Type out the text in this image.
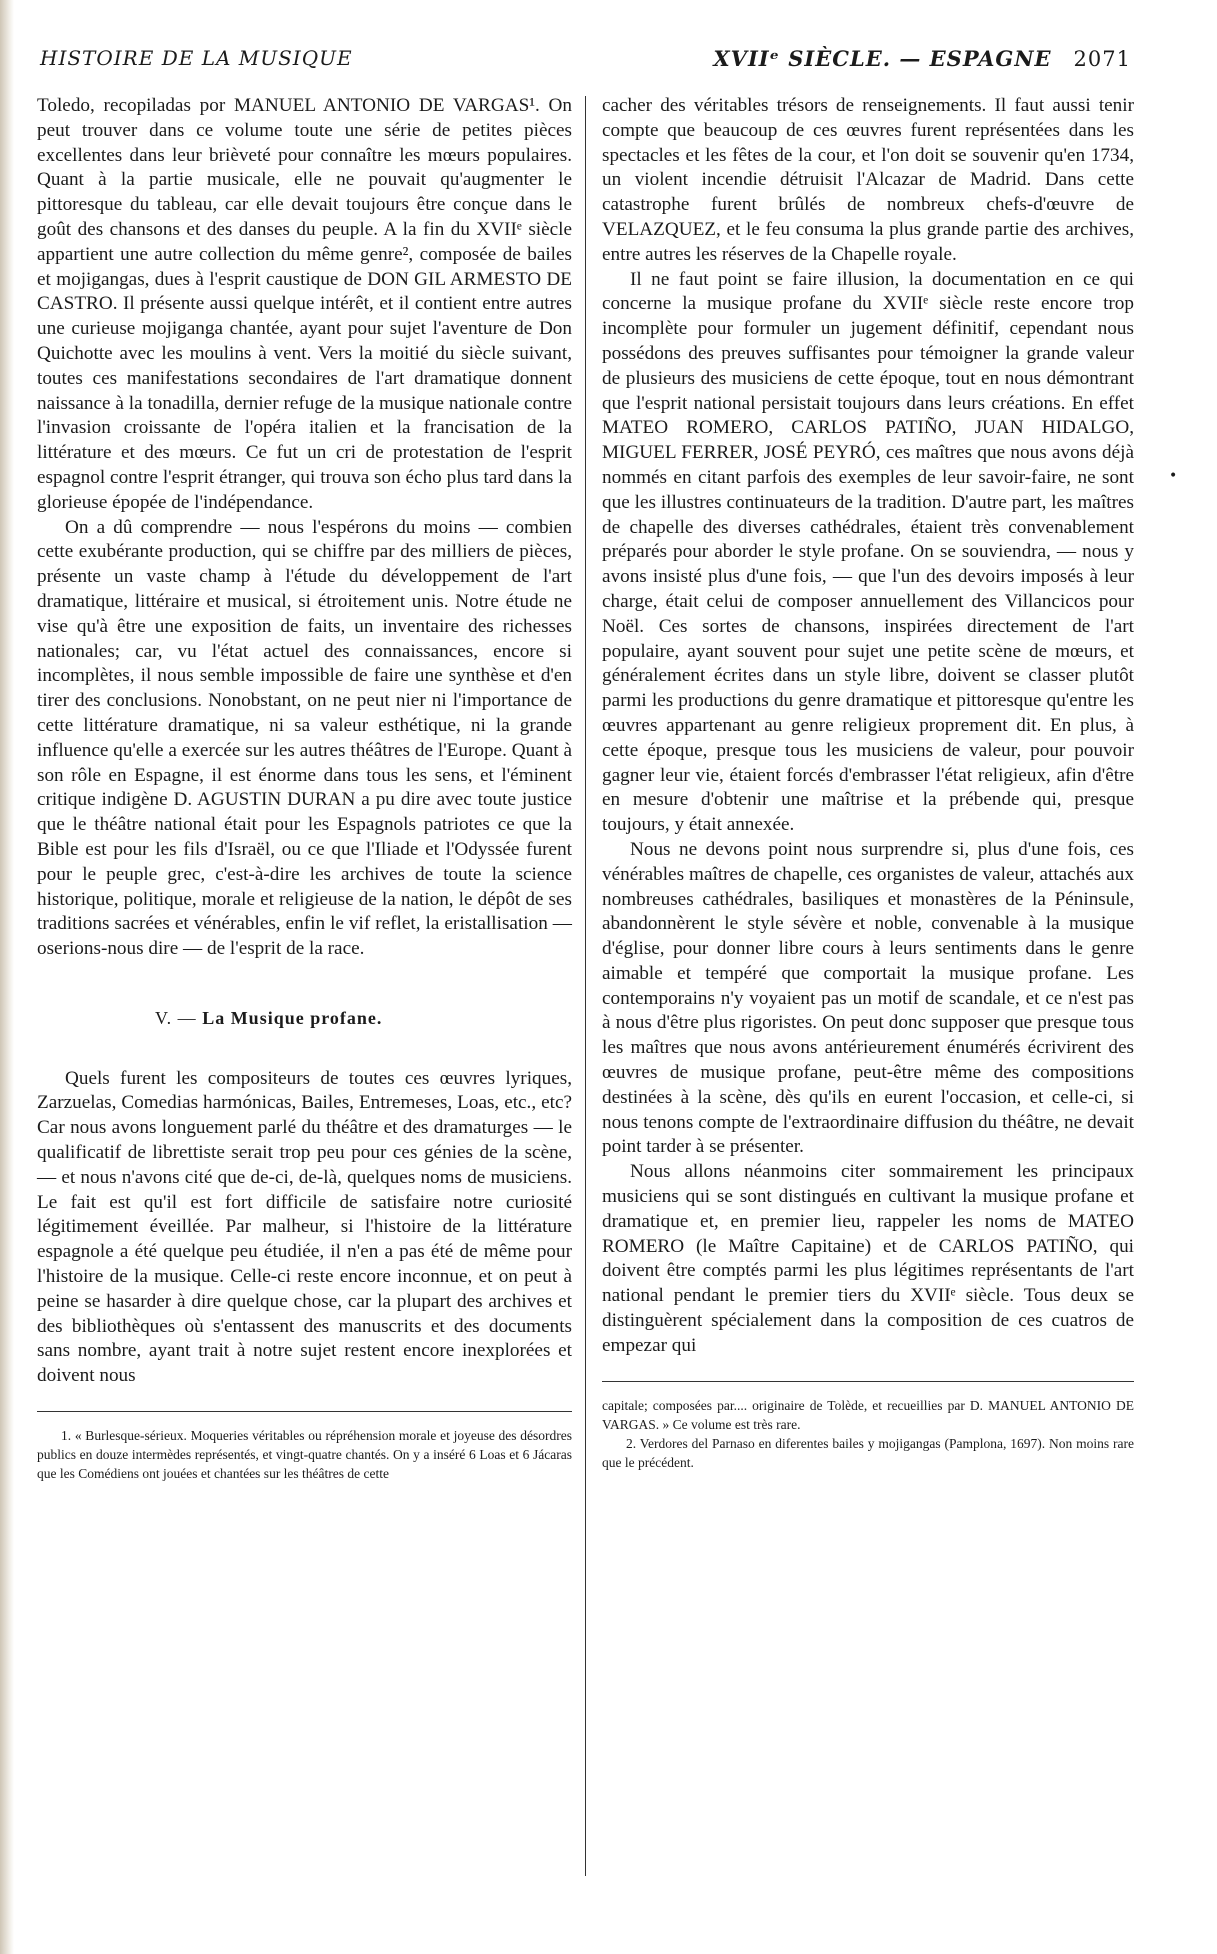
HISTOIRE DE LA MUSIQUE	XVIIᵉ SIÈCLE. — ESPAGNE 2071

Toledo, recopiladas por MANUEL ANTONIO DE VARGAS¹. On peut trouver dans ce volume toute une série de petites pièces excellentes dans leur brièveté pour connaître les mœurs populaires. Quant à la partie musicale, elle ne pouvait qu'augmenter le pittoresque du tableau, car elle devait toujours être conçue dans le goût des chansons et des danses du peuple. A la fin du XVIIᵉ siècle appartient une autre collection du même genre², composée de bailes et mojigangas, dues à l'esprit caustique de DON GIL ARMESTO DE CASTRO. Il présente aussi quelque intérêt, et il contient entre autres une curieuse mojiganga chantée, ayant pour sujet l'aventure de Don Quichotte avec les moulins à vent. Vers la moitié du siècle suivant, toutes ces manifestations secondaires de l'art dramatique donnent naissance à la tonadilla, dernier refuge de la musique nationale contre l'invasion croissante de l'opéra italien et la francisation de la littérature et des mœurs. Ce fut un cri de protestation de l'esprit espagnol contre l'esprit étranger, qui trouva son écho plus tard dans la glorieuse épopée de l'indépendance.

On a dû comprendre — nous l'espérons du moins — combien cette exubérante production, qui se chiffre par des milliers de pièces, présente un vaste champ à l'étude du développement de l'art dramatique, littéraire et musical, si étroitement unis. Notre étude ne vise qu'à être une exposition de faits, un inventaire des richesses nationales; car, vu l'état actuel des connaissances, encore si incomplètes, il nous semble impossible de faire une synthèse et d'en tirer des conclusions. Nonobstant, on ne peut nier ni l'importance de cette littérature dramatique, ni sa valeur esthétique, ni la grande influence qu'elle a exercée sur les autres théâtres de l'Europe. Quant à son rôle en Espagne, il est énorme dans tous les sens, et l'éminent critique indigène D. AGUSTIN DURAN a pu dire avec toute justice que le théâtre national était pour les Espagnols patriotes ce que la Bible est pour les fils d'Israël, ou ce que l'Iliade et l'Odyssée furent pour le peuple grec, c'est-à-dire les archives de toute la science historique, politique, morale et religieuse de la nation, le dépôt de ses traditions sacrées et vénérables, enfin le vif reflet, la eristallisation — oserions-nous dire — de l'esprit de la race.

V. — La Musique profane.

Quels furent les compositeurs de toutes ces œuvres lyriques, Zarzuelas, Comedias harmónicas, Bailes, Entremeses, Loas, etc., etc? Car nous avons longuement parlé du théâtre et des dramaturges — le qualificatif de librettiste serait trop peu pour ces génies de la scène, — et nous n'avons cité que de-ci, de-là, quelques noms de musiciens. Le fait est qu'il est fort difficile de satisfaire notre curiosité légitimement éveillée. Par malheur, si l'histoire de la littérature espagnole a été quelque peu étudiée, il n'en a pas été de même pour l'histoire de la musique. Celle-ci reste encore inconnue, et on peut à peine se hasarder à dire quelque chose, car la plupart des archives et des bibliothèques où s'entassent des manuscrits et des documents sans nombre, ayant trait à notre sujet restent encore inexplorées et doivent nous

1. « Burlesque-sérieux. Moqueries véritables ou répréhension morale et joyeuse des désordres publics en douze intermèdes représentés, et vingt-quatre chantés. On y a inséré 6 Loas et 6 Jácaras que les Comédiens ont jouées et chantées sur les théâtres de cette

cacher des véritables trésors de renseignements. Il faut aussi tenir compte que beaucoup de ces œuvres furent représentées dans les spectacles et les fêtes de la cour, et l'on doit se souvenir qu'en 1734, un violent incendie détruisit l'Alcazar de Madrid. Dans cette catastrophe furent brûlés de nombreux chefs-d'œuvre de VELAZQUEZ, et le feu consuma la plus grande partie des archives, entre autres les réserves de la Chapelle royale.

Il ne faut point se faire illusion, la documentation en ce qui concerne la musique profane du XVIIᵉ siècle reste encore trop incomplète pour formuler un jugement définitif, cependant nous possédons des preuves suffisantes pour témoigner la grande valeur de plusieurs des musiciens de cette époque, tout en nous démontrant que l'esprit national persistait toujours dans leurs créations. En effet MATEO ROMERO, CARLOS PATIÑO, JUAN HIDALGO, MIGUEL FERRER, JOSÉ PEYRÓ, ces maîtres que nous avons déjà nommés en citant parfois des exemples de leur savoir-faire, ne sont que les illustres continuateurs de la tradition. D'autre part, les maîtres de chapelle des diverses cathédrales, étaient très convenablement préparés pour aborder le style profane. On se souviendra, — nous y avons insisté plus d'une fois, — que l'un des devoirs imposés à leur charge, était celui de composer annuellement des Villancicos pour Noël. Ces sortes de chansons, inspirées directement de l'art populaire, ayant souvent pour sujet une petite scène de mœurs, et généralement écrites dans un style libre, doivent se classer plutôt parmi les productions du genre dramatique et pittoresque qu'entre les œuvres appartenant au genre religieux proprement dit. En plus, à cette époque, presque tous les musiciens de valeur, pour pouvoir gagner leur vie, étaient forcés d'embrasser l'état religieux, afin d'être en mesure d'obtenir une maîtrise et la prébende qui, presque toujours, y était annexée.

Nous ne devons point nous surprendre si, plus d'une fois, ces vénérables maîtres de chapelle, ces organistes de valeur, attachés aux nombreuses cathédrales, basiliques et monastères de la Péninsule, abandonnèrent le style sévère et noble, convenable à la musique d'église, pour donner libre cours à leurs sentiments dans le genre aimable et tempéré que comportait la musique profane. Les contemporains n'y voyaient pas un motif de scandale, et ce n'est pas à nous d'être plus rigoristes. On peut donc supposer que presque tous les maîtres que nous avons antérieurement énumérés écrivirent des œuvres de musique profane, peut-être même des compositions destinées à la scène, dès qu'ils en eurent l'occasion, et celle-ci, si nous tenons compte de l'extraordinaire diffusion du théâtre, ne devait point tarder à se présenter.

Nous allons néanmoins citer sommairement les principaux musiciens qui se sont distingués en cultivant la musique profane et dramatique et, en premier lieu, rappeler les noms de MATEO ROMERO (le Maître Capitaine) et de CARLOS PATIÑO, qui doivent être comptés parmi les plus légitimes représentants de l'art national pendant le premier tiers du XVIIᵉ siècle. Tous deux se distinguèrent spécialement dans la composition de ces cuatros de empezar qui

capitale; composées par.... originaire de Tolède, et recueillies par D. MANUEL ANTONIO DE VARGAS. » Ce volume est très rare.

2. Verdores del Parnaso en diferentes bailes y mojigangas (Pamplona, 1697). Non moins rare que le précédent.

•
